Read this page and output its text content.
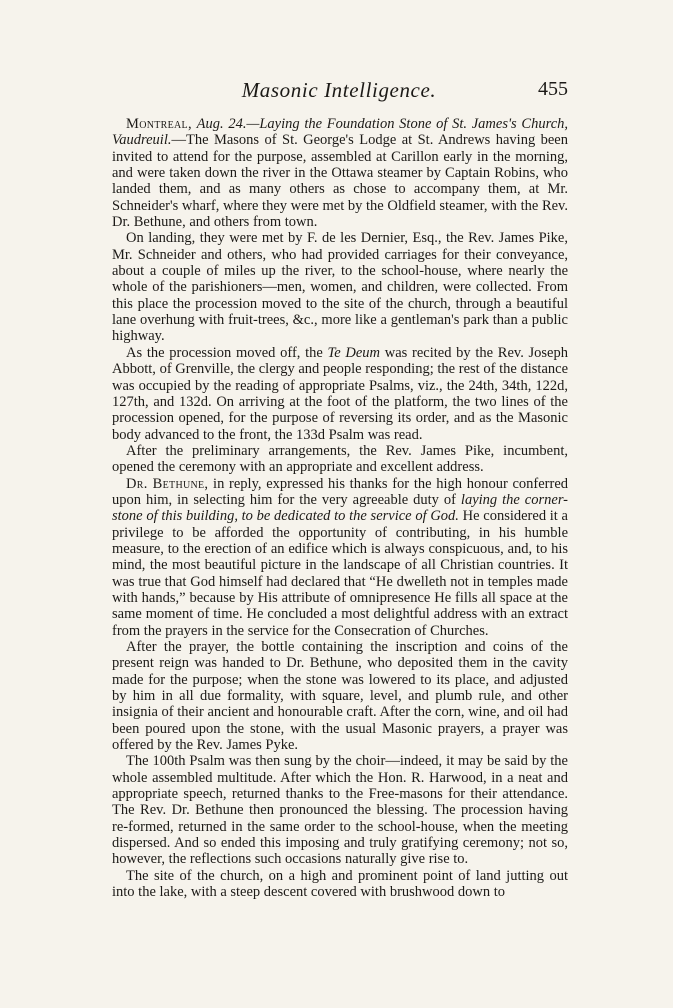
Masonic Intelligence.	455

Montreal, Aug. 24.—Laying the Foundation Stone of St. James's Church, Vaudreuil.—The Masons of St. George's Lodge at St. Andrews having been invited to attend for the purpose, assembled at Carillon early in the morning, and were taken down the river in the Ottawa steamer by Captain Robins, who landed them, and as many others as chose to accompany them, at Mr. Schneider's wharf, where they were met by the Oldfield steamer, with the Rev. Dr. Bethune, and others from town.

On landing, they were met by F. de les Dernier, Esq., the Rev. James Pike, Mr. Schneider and others, who had provided carriages for their conveyance, about a couple of miles up the river, to the school-house, where nearly the whole of the parishioners—men, women, and children, were collected. From this place the procession moved to the site of the church, through a beautiful lane overhung with fruit-trees, &c., more like a gentleman's park than a public highway.

As the procession moved off, the Te Deum was recited by the Rev. Joseph Abbott, of Grenville, the clergy and people responding; the rest of the distance was occupied by the reading of appropriate Psalms, viz., the 24th, 34th, 122d, 127th, and 132d. On arriving at the foot of the platform, the two lines of the procession opened, for the purpose of reversing its order, and as the Masonic body advanced to the front, the 133d Psalm was read.

After the preliminary arrangements, the Rev. James Pike, incumbent, opened the ceremony with an appropriate and excellent address.

Dr. Bethune, in reply, expressed his thanks for the high honour conferred upon him, in selecting him for the very agreeable duty of laying the corner-stone of this building, to be dedicated to the service of God. He considered it a privilege to be afforded the opportunity of contributing, in his humble measure, to the erection of an edifice which is always conspicuous, and, to his mind, the most beautiful picture in the landscape of all Christian countries. It was true that God himself had declared that “He dwelleth not in temples made with hands,” because by His attribute of omnipresence He fills all space at the same moment of time. He concluded a most delightful address with an extract from the prayers in the service for the Consecration of Churches.

After the prayer, the bottle containing the inscription and coins of the present reign was handed to Dr. Bethune, who deposited them in the cavity made for the purpose; when the stone was lowered to its place, and adjusted by him in all due formality, with square, level, and plumb rule, and other insignia of their ancient and honourable craft. After the corn, wine, and oil had been poured upon the stone, with the usual Masonic prayers, a prayer was offered by the Rev. James Pyke.

The 100th Psalm was then sung by the choir—indeed, it may be said by the whole assembled multitude. After which the Hon. R. Harwood, in a neat and appropriate speech, returned thanks to the Free-masons for their attendance. The Rev. Dr. Bethune then pronounced the blessing. The procession having re-formed, returned in the same order to the school-house, when the meeting dispersed. And so ended this imposing and truly gratifying ceremony; not so, however, the reflections such occasions naturally give rise to.

The site of the church, on a high and prominent point of land jutting out into the lake, with a steep descent covered with brushwood down to
